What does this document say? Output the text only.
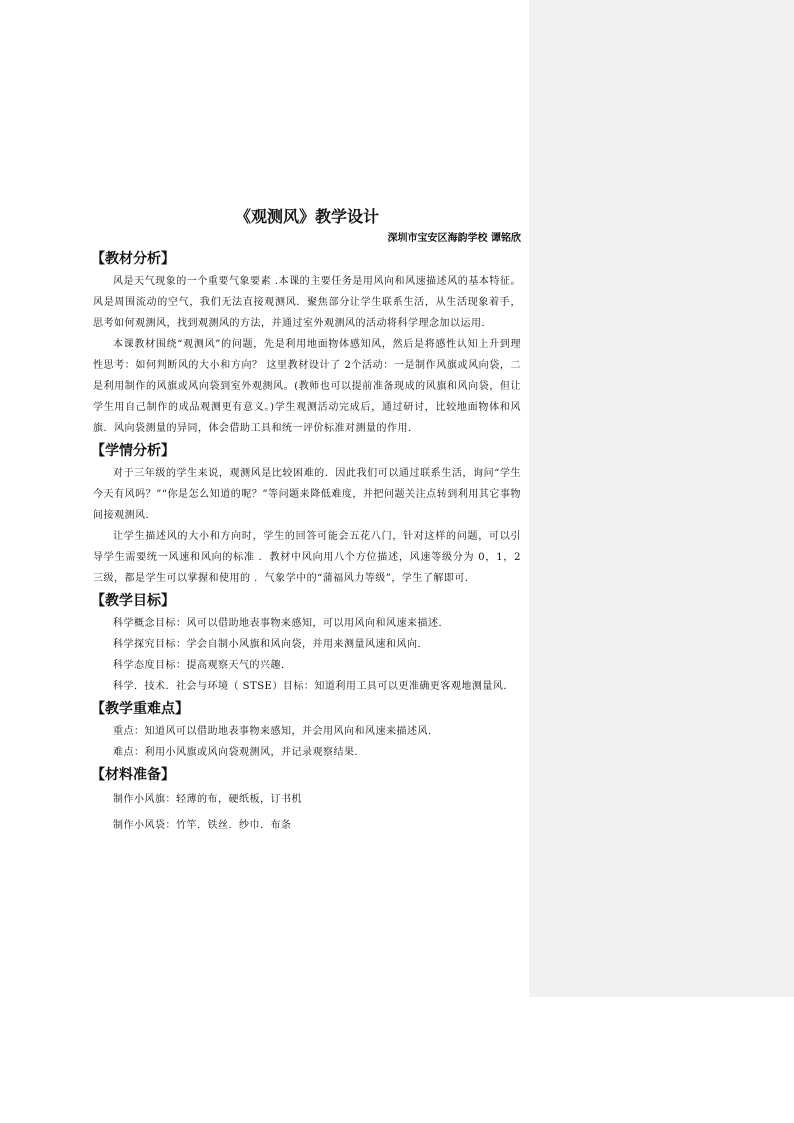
《观测风》教学设计
深圳市宝安区海韵学校 谭铭欣
【教材分析】

风是天气现象的一个重要气象要素 .本课的主要任务是用风向和风速描述风的基本特征。风是周围流动的空气，我们无法直接观测风．聚焦部分让学生联系生活，从生活现象着手，思考如何观测风，找到观测风的方法，并通过室外观测风的活动将科学理念加以运用．

本课教材围绕“观测风”的问题，先是利用地面物体感知风，然后是将感性认知上升到理性思考：如何判断风的大小和方向？ 这里教材设计了 2个活动：一是制作风旗或风向袋，二是利用制作的风旗或风向袋到室外观测风。(教师也可以提前准备现成的风旗和风向袋，但让学生用自己制作的成品观测更有意义。)学生观测活动完成后，通过研讨，比较地面物体和风旗．风向袋测量的异同，体会借助工具和统一评价标准对测量的作用．

【学情分析】

对于三年级的学生来说，观测风是比较困难的．因此我们可以通过联系生活，询问“学生今天有风吗？”“你是怎么知道的呢？”等问题来降低难度，并把问题关注点转到利用其它事物间接观测风．

让学生描述风的大小和方向时，学生的回答可能会五花八门，针对这样的问题，可以引导学生需要统一风速和风向的标准 ．教材中风向用八个方位描述，风速等级分为 0，1，2 三级，都是学生可以掌握和使用的 ．气象学中的“蒲福风力等级”，学生了解即可．

【教学目标】

科学概念目标：风可以借助地表事物来感知，可以用风向和风速来描述．

科学探究目标：学会自制小风旗和风向袋，并用来测量风速和风向．

科学态度目标：提高观察天气的兴趣．

科学．技术．社会与环境（ STSE）目标：知道利用工具可以更准确更客观地测量风．

【教学重难点】

重点：知道风可以借助地表事物来感知，并会用风向和风速来描述风．

难点：利用小风旗或风向袋观测风，并记录观察结果．

【材料准备】

制作小风旗：轻薄的布，硬纸板，订书机

制作小风袋：竹竿．铁丝．纱巾．布条
